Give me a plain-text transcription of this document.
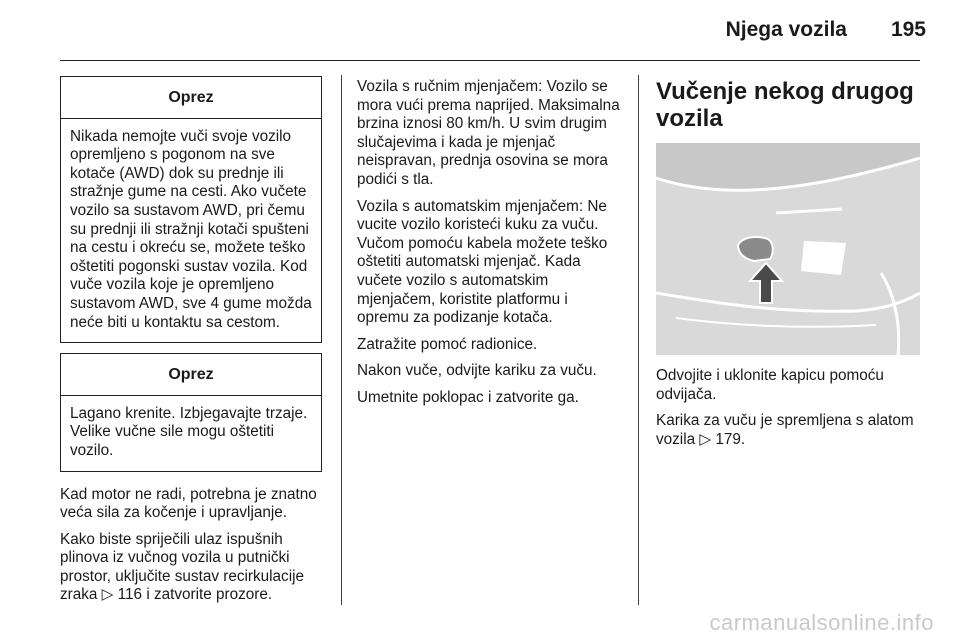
Njega vozila 195
Oprez
Nikada nemojte vuči svoje vozilo opremljeno s pogonom na sve kotače (AWD) dok su prednje ili stražnje gume na cesti. Ako vučete vozilo sa sustavom AWD, pri čemu su prednji ili stražnji kotači spušteni na cestu i okreću se, možete teško oštetiti pogonski sustav vozila. Kod vuče vozila koje je opremljeno sustavom AWD, sve 4 gume možda neće biti u kontaktu sa cestom.
Oprez
Lagano krenite. Izbjegavajte trzaje. Velike vučne sile mogu oštetiti vozilo.

Kad motor ne radi, potrebna je znatno veća sila za kočenje i upravljanje.

Kako biste spriječili ulaz ispušnih plinova iz vučnog vozila u putnički prostor, uključite sustav recirkulacije zraka ▷ 116 i zatvorite prozore.

Vozila s ručnim mjenjačem: Vozilo se mora vući prema naprijed. Maksimalna brzina iznosi 80 km/h. U svim drugim slučajevima i kada je mjenjač neispravan, prednja osovina se mora podići s tla.

Vozila s automatskim mjenjačem: Ne vucite vozilo koristeći kuku za vuču. Vučom pomoću kabela možete teško oštetiti automatski mjenjač. Kada vučete vozilo s automatskim mjenjačem, koristite platformu i opremu za podizanje kotača.

Zatražite pomoć radionice.

Nakon vuče, odvijte kariku za vuču.

Umetnite poklopac i zatvorite ga.

Vučenje nekog drugog vozila

Odvojite i uklonite kapicu pomoću odvijača.

Karika za vuču je spremljena s alatom vozila ▷ 179.

carmanualsonline.info
